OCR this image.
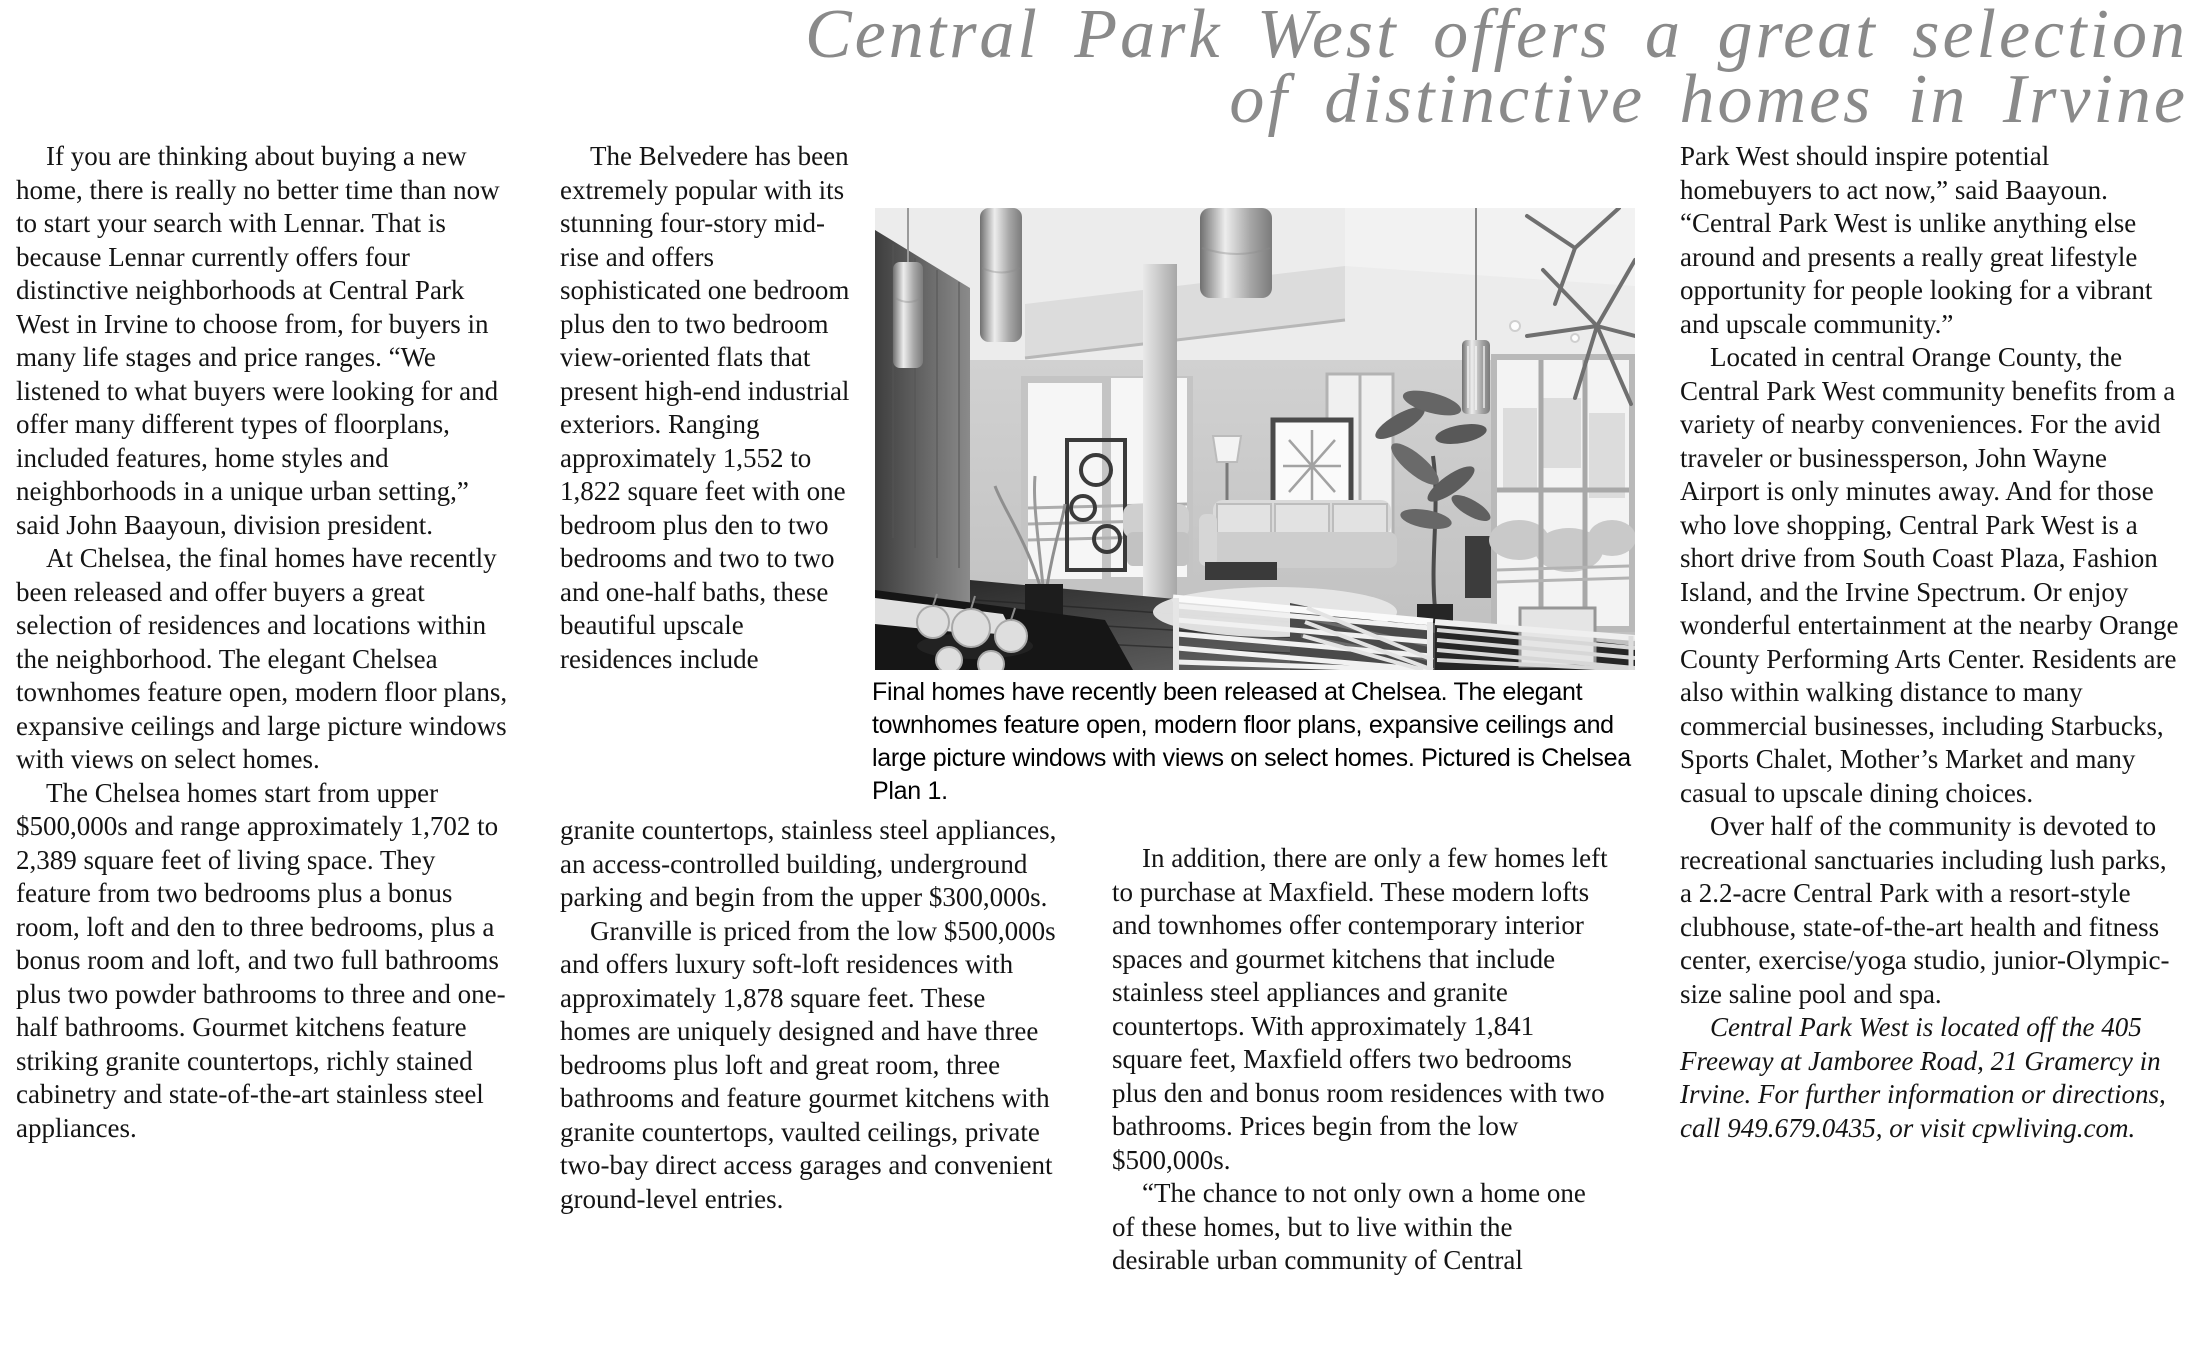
Central Park West offers a great selection
of distinctive homes in Irvine

If you are thinking about buying a new home, there is really no better time than now to start your search with Lennar. That is because Lennar currently offers four distinctive neighborhoods at Central Park West in Irvine to choose from, for buyers in many life stages and price ranges. “We listened to what buyers were looking for and offer many different types of floorplans, included features, home styles and neighborhoods in a unique urban setting,” said John Baayoun, division president.

At Chelsea, the final homes have recently been released and offer buyers a great selection of residences and locations within the neighborhood. The elegant Chelsea townhomes feature open, modern floor plans, expansive ceilings and large picture windows with views on select homes.

The Chelsea homes start from upper $500,000s and range approximately 1,702 to 2,389 square feet of living space. They feature from two bedrooms plus a bonus room, loft and den to three bedrooms, plus a bonus room and loft, and two full bathrooms plus two powder bathrooms to three and one-half bathrooms. Gourmet kitchens feature striking granite countertops, richly stained cabinetry and state-of-the-art stainless steel appliances.

The Belvedere has been extremely popular with its stunning four-story mid-rise and offers sophisticated one bedroom plus den to two bedroom view-oriented flats that present high-end industrial exteriors. Ranging approximately 1,552 to 1,822 square feet with one bedroom plus den to two bedrooms and two to two and one-half baths, these beautiful upscale residences include

granite countertops, stainless steel appliances, an access-controlled building, underground parking and begin from the upper $300,000s.

Granville is priced from the low $500,000s and offers luxury soft-loft residences with approximately 1,878 square feet. These homes are uniquely designed and have three bedrooms plus loft and great room, three bathrooms and feature gourmet kitchens with granite countertops, vaulted ceilings, private two-bay direct access garages and convenient ground-level entries.

In addition, there are only a few homes left to purchase at Maxfield. These modern lofts and townhomes offer contemporary interior spaces and gourmet kitchens that include stainless steel appliances and granite countertops. With approximately 1,841 square feet, Maxfield offers two bedrooms plus den and bonus room residences with two bathrooms. Prices begin from the low $500,000s.

“The chance to not only own a home one of these homes, but to live within the desirable urban community of Central

Park West should inspire potential homebuyers to act now,” said Baayoun. “Central Park West is unlike anything else around and presents a really great lifestyle opportunity for people looking for a vibrant and upscale community.”

Located in central Orange County, the Central Park West community benefits from a variety of nearby conveniences. For the avid traveler or businessperson, John Wayne Airport is only minutes away. And for those who love shopping, Central Park West is a short drive from South Coast Plaza, Fashion Island, and the Irvine Spectrum. Or enjoy wonderful entertainment at the nearby Orange County Performing Arts Center. Residents are also within walking distance to many commercial businesses, including Starbucks, Sports Chalet, Mother’s Market and many casual to upscale dining choices.

Over half of the community is devoted to recreational sanctuaries including lush parks, a 2.2-acre Central Park with a resort-style clubhouse, state-of-the-art health and fitness center, exercise/yoga studio, junior-Olympic-size saline pool and spa.

Central Park West is located off the 405 Freeway at Jamboree Road, 21 Gramercy in Irvine. For further information or directions, call 949.679.0435, or visit cpwliving.com.

Final homes have recently been released at Chelsea. The elegant townhomes feature open, modern floor plans, expansive ceilings and large picture windows with views on select homes. Pictured is Chelsea Plan 1.
